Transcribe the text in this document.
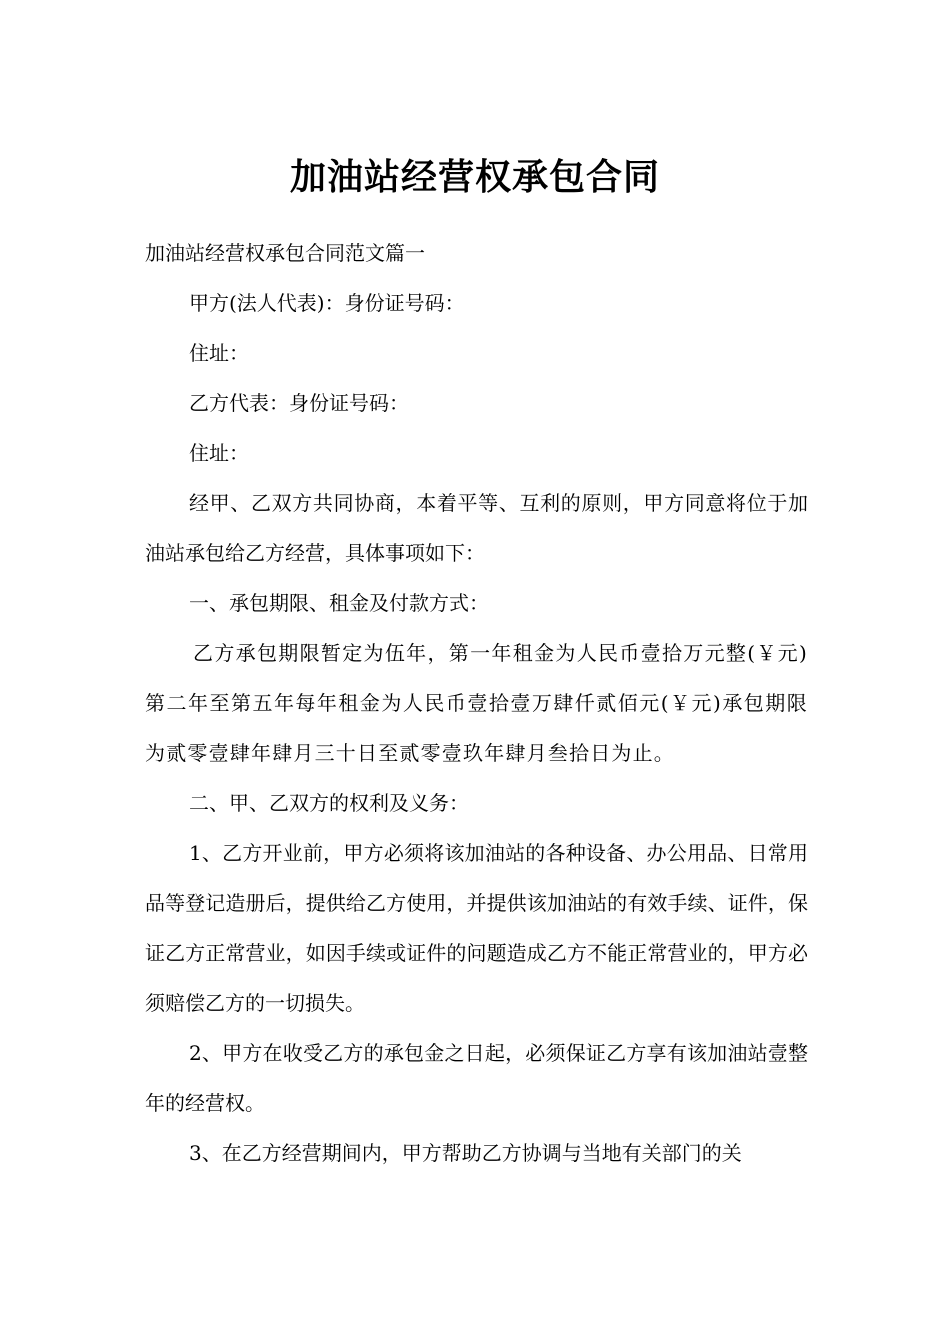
加油站经营权承包合同

加油站经营权承包合同范文篇一

甲方(法人代表)：身份证号码：

住址：

乙方代表：身份证号码：

住址：

经甲、乙双方共同协商，本着平等、互利的原则，甲方同意将位于加油站承包给乙方经营，具体事项如下：

一、承包期限、租金及付款方式：

乙方承包期限暂定为伍年，第一年租金为人民币壹拾万元整(￥元)第二年至第五年每年租金为人民币壹拾壹万肆仟贰佰元(￥元)承包期限为贰零壹肆年肆月三十日至贰零壹玖年肆月叁拾日为止。

二、甲、乙双方的权利及义务：

1、乙方开业前，甲方必须将该加油站的各种设备、办公用品、日常用品等登记造册后，提供给乙方使用，并提供该加油站的有效手续、证件，保证乙方正常营业，如因手续或证件的问题造成乙方不能正常营业的，甲方必须赔偿乙方的一切损失。

2、甲方在收受乙方的承包金之日起，必须保证乙方享有该加油站壹整年的经营权。

3、在乙方经营期间内，甲方帮助乙方协调与当地有关部门的关
